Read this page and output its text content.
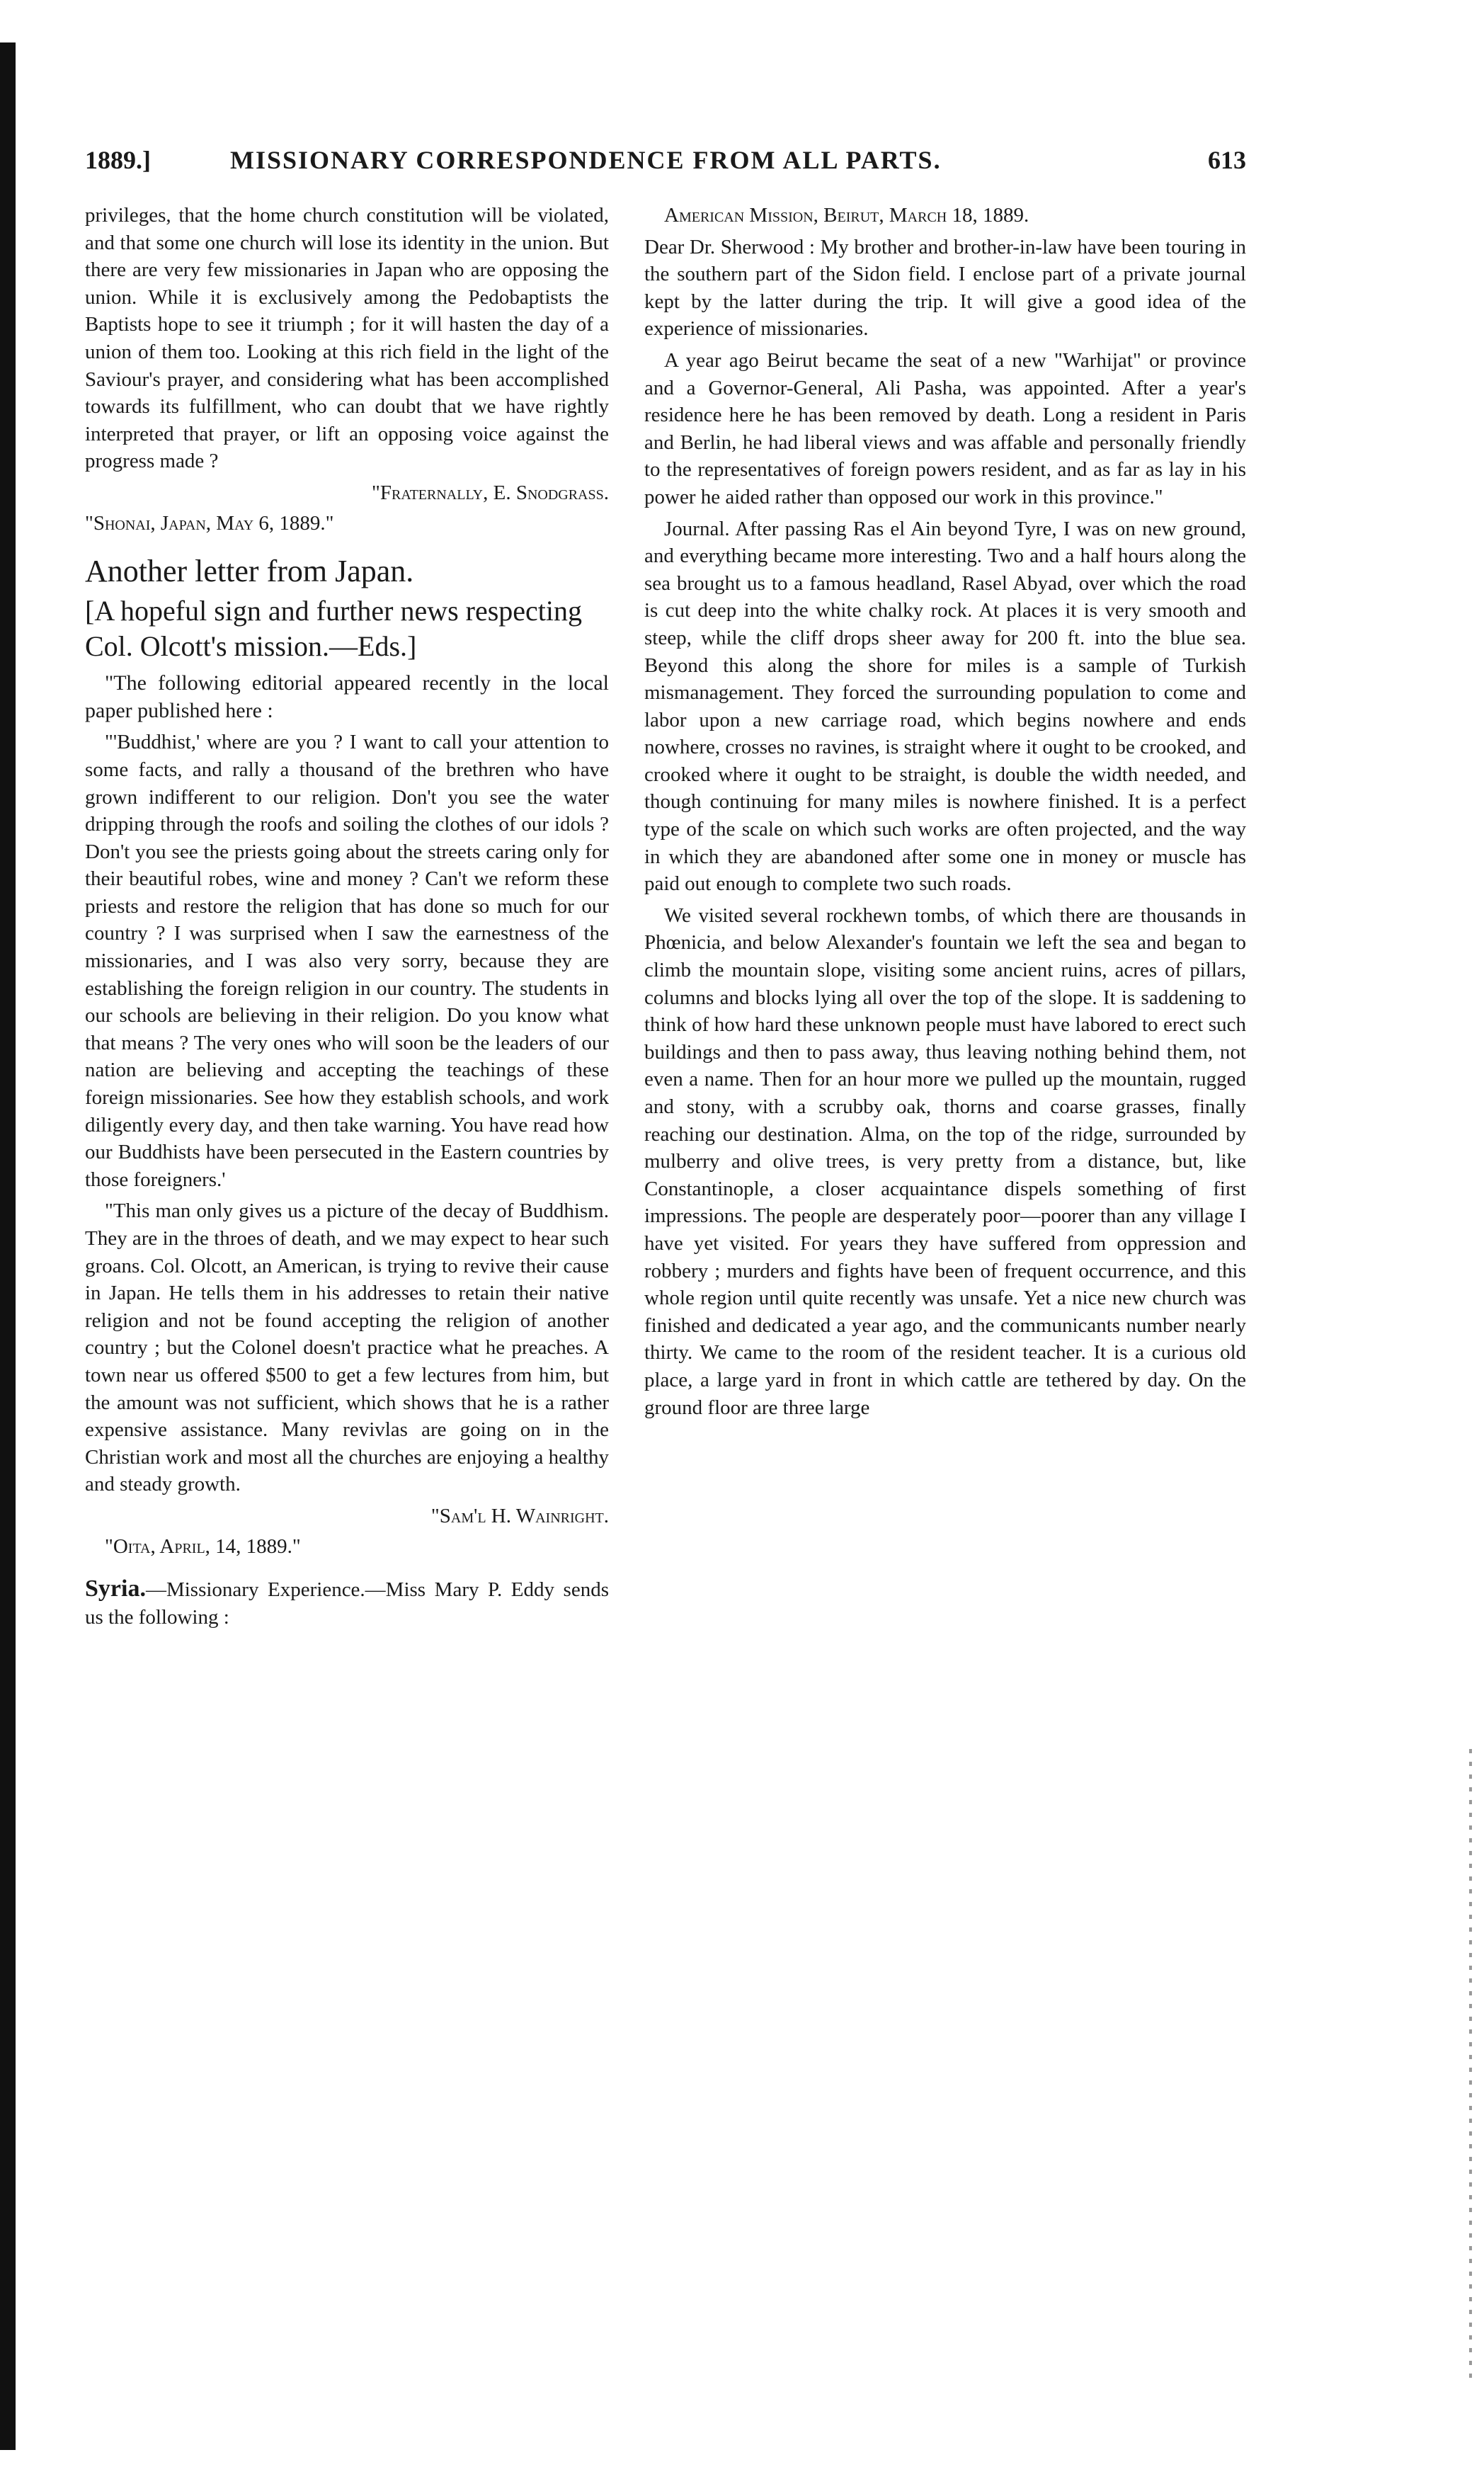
1889.]	MISSIONARY CORRESPONDENCE FROM ALL PARTS.	613

privileges, that the home church constitution will be violated, and that some one church will lose its identity in the union. But there are very few missionaries in Japan who are opposing the union. While it is exclusively among the Pedobaptists the Baptists hope to see it triumph ; for it will hasten the day of a union of them too. Looking at this rich field in the light of the Saviour's prayer, and considering what has been accomplished towards its fulfillment, who can doubt that we have rightly interpreted that prayer, or lift an opposing voice against the progress made ?

"Fraternally, E. Snodgrass.

"Shonai, Japan, May 6, 1889."

Another letter from Japan.
[A hopeful sign and further news respecting Col. Olcott's mission.—Eds.]

"The following editorial appeared recently in the local paper published here :

"'Buddhist,' where are you ? I want to call your attention to some facts, and rally a thousand of the brethren who have grown indifferent to our religion. Don't you see the water dripping through the roofs and soiling the clothes of our idols ? Don't you see the priests going about the streets caring only for their beautiful robes, wine and money ? Can't we reform these priests and restore the religion that has done so much for our country ? I was surprised when I saw the earnestness of the missionaries, and I was also very sorry, because they are establishing the foreign religion in our country. The students in our schools are believing in their religion. Do you know what that means ? The very ones who will soon be the leaders of our nation are believing and accepting the teachings of these foreign missionaries. See how they establish schools, and work diligently every day, and then take warning. You have read how our Buddhists have been persecuted in the Eastern countries by those foreigners.'

"This man only gives us a picture of the decay of Buddhism. They are in the throes of death, and we may expect to hear such groans. Col. Olcott, an American, is trying to revive their cause in Japan. He tells them in his addresses to retain their native religion and not be found accepting the religion of another country ; but the Colonel doesn't practice what he preaches. A town near us offered $500 to get a few lectures from him, but the amount was not sufficient, which shows that he is a rather expensive assistance. Many revivlas are going on in the Christian work and most all the churches are enjoying a healthy and steady growth.

"Sam'l H. Wainright.

"Oita, April, 14, 1889."

Syria.—Missionary Experience.—Miss Mary P. Eddy sends us the following :

American Mission, Beirut, March 18, 1889.

Dear Dr. Sherwood : My brother and brother-in-law have been touring in the southern part of the Sidon field. I enclose part of a private journal kept by the latter during the trip. It will give a good idea of the experience of missionaries.

A year ago Beirut became the seat of a new "Warhijat" or province and a Governor-General, Ali Pasha, was appointed. After a year's residence here he has been removed by death. Long a resident in Paris and Berlin, he had liberal views and was affable and personally friendly to the representatives of foreign powers resident, and as far as lay in his power he aided rather than opposed our work in this province."

Journal. After passing Ras el Ain beyond Tyre, I was on new ground, and everything became more interesting. Two and a half hours along the sea brought us to a famous headland, Rasel Abyad, over which the road is cut deep into the white chalky rock. At places it is very smooth and steep, while the cliff drops sheer away for 200 ft. into the blue sea. Beyond this along the shore for miles is a sample of Turkish mismanagement. They forced the surrounding population to come and labor upon a new carriage road, which begins nowhere and ends nowhere, crosses no ravines, is straight where it ought to be crooked, and crooked where it ought to be straight, is double the width needed, and though continuing for many miles is nowhere finished. It is a perfect type of the scale on which such works are often projected, and the way in which they are abandoned after some one in money or muscle has paid out enough to complete two such roads.

We visited several rockhewn tombs, of which there are thousands in Phœnicia, and below Alexander's fountain we left the sea and began to climb the mountain slope, visiting some ancient ruins, acres of pillars, columns and blocks lying all over the top of the slope. It is saddening to think of how hard these unknown people must have labored to erect such buildings and then to pass away, thus leaving nothing behind them, not even a name. Then for an hour more we pulled up the mountain, rugged and stony, with a scrubby oak, thorns and coarse grasses, finally reaching our destination. Alma, on the top of the ridge, surrounded by mulberry and olive trees, is very pretty from a distance, but, like Constantinople, a closer acquaintance dispels something of first impressions. The people are desperately poor—poorer than any village I have yet visited. For years they have suffered from oppression and robbery ; murders and fights have been of frequent occurrence, and this whole region until quite recently was unsafe. Yet a nice new church was finished and dedicated a year ago, and the communicants number nearly thirty. We came to the room of the resident teacher. It is a curious old place, a large yard in front in which cattle are tethered by day. On the ground floor are three large
